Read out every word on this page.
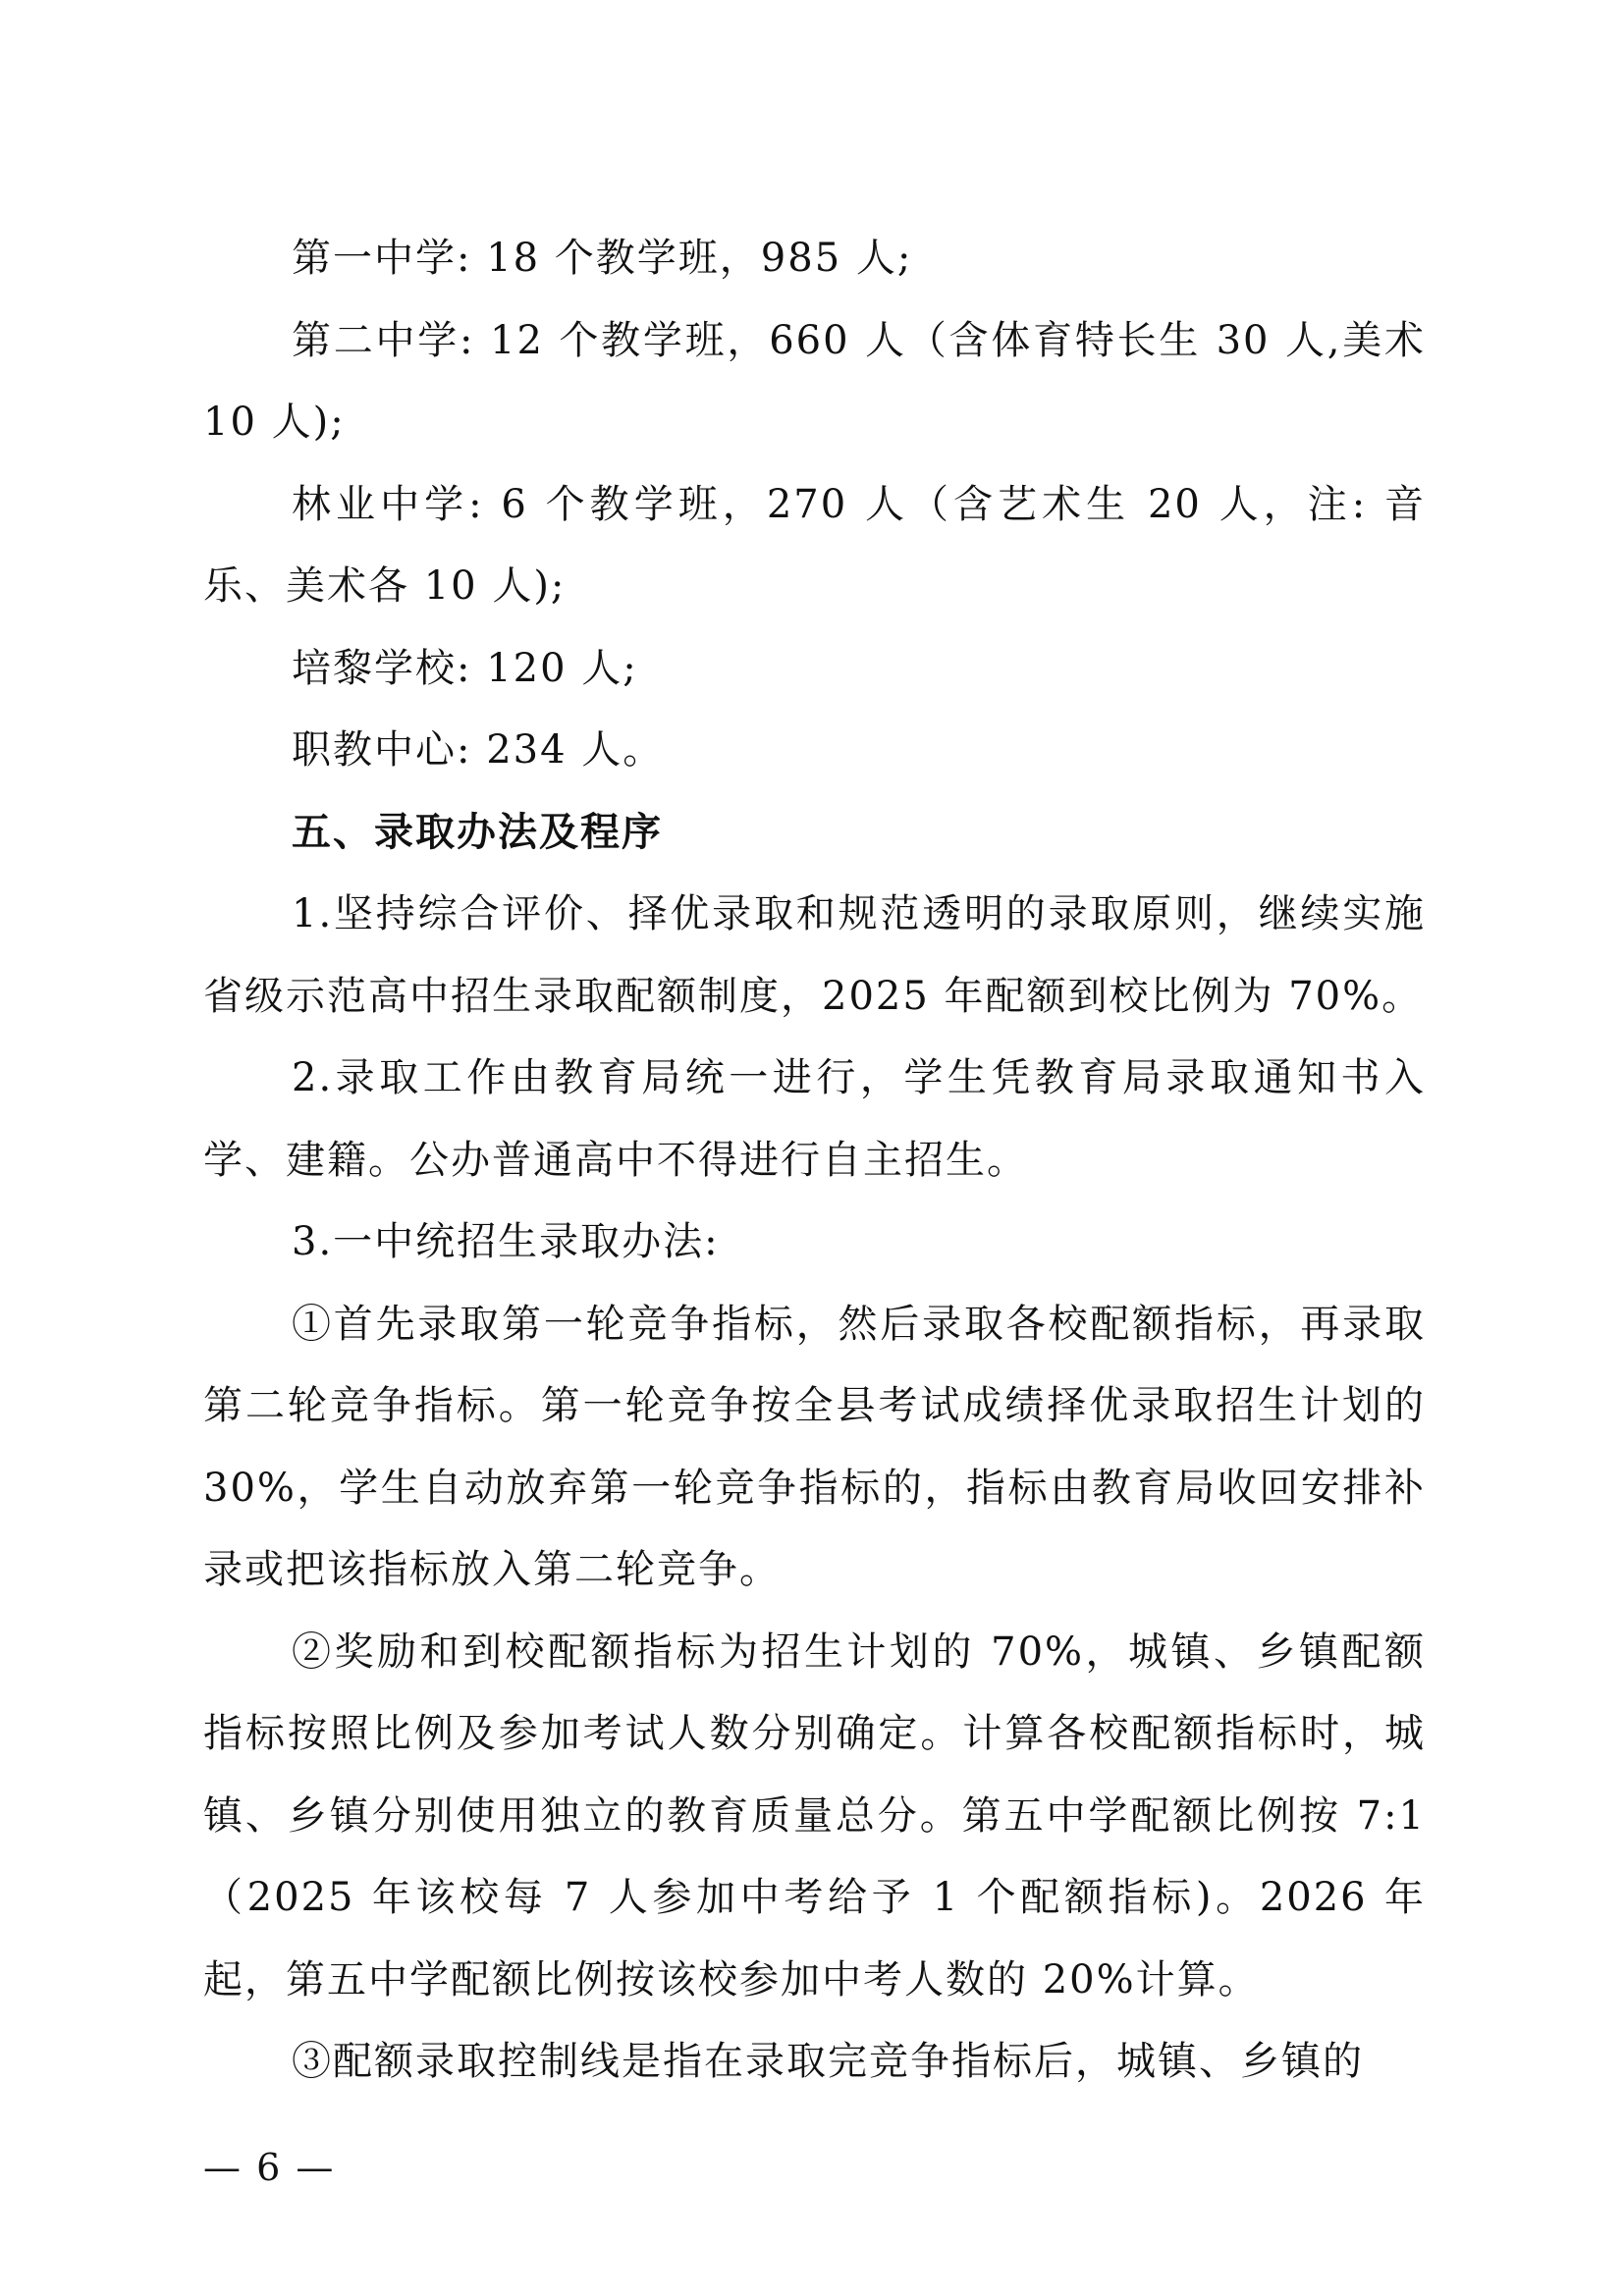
第一中学: 18 个教学班，985 人;

第二中学: 12 个教学班，660 人（含体育特长生 30 人,美术 10 人);

林业中学: 6 个教学班，270 人（含艺术生 20 人，注: 音乐、美术各 10 人);

培黎学校: 120 人;

职教中心: 234 人。

五、录取办法及程序

1.坚持综合评价、择优录取和规范透明的录取原则，继续实施省级示范高中招生录取配额制度，2025 年配额到校比例为 70%。

2.录取工作由教育局统一进行，学生凭教育局录取通知书入学、建籍。公办普通高中不得进行自主招生。

3.一中统招生录取办法:

①首先录取第一轮竞争指标，然后录取各校配额指标，再录取第二轮竞争指标。第一轮竞争按全县考试成绩择优录取招生计划的 30%，学生自动放弃第一轮竞争指标的，指标由教育局收回安排补录或把该指标放入第二轮竞争。

②奖励和到校配额指标为招生计划的 70%，城镇、乡镇配额指标按照比例及参加考试人数分别确定。计算各校配额指标时，城镇、乡镇分别使用独立的教育质量总分。第五中学配额比例按 7:1（2025 年该校每 7 人参加中考给予 1 个配额指标)。2026 年起，第五中学配额比例按该校参加中考人数的 20%计算。

③配额录取控制线是指在录取完竞争指标后，城镇、乡镇的

— 6 —
